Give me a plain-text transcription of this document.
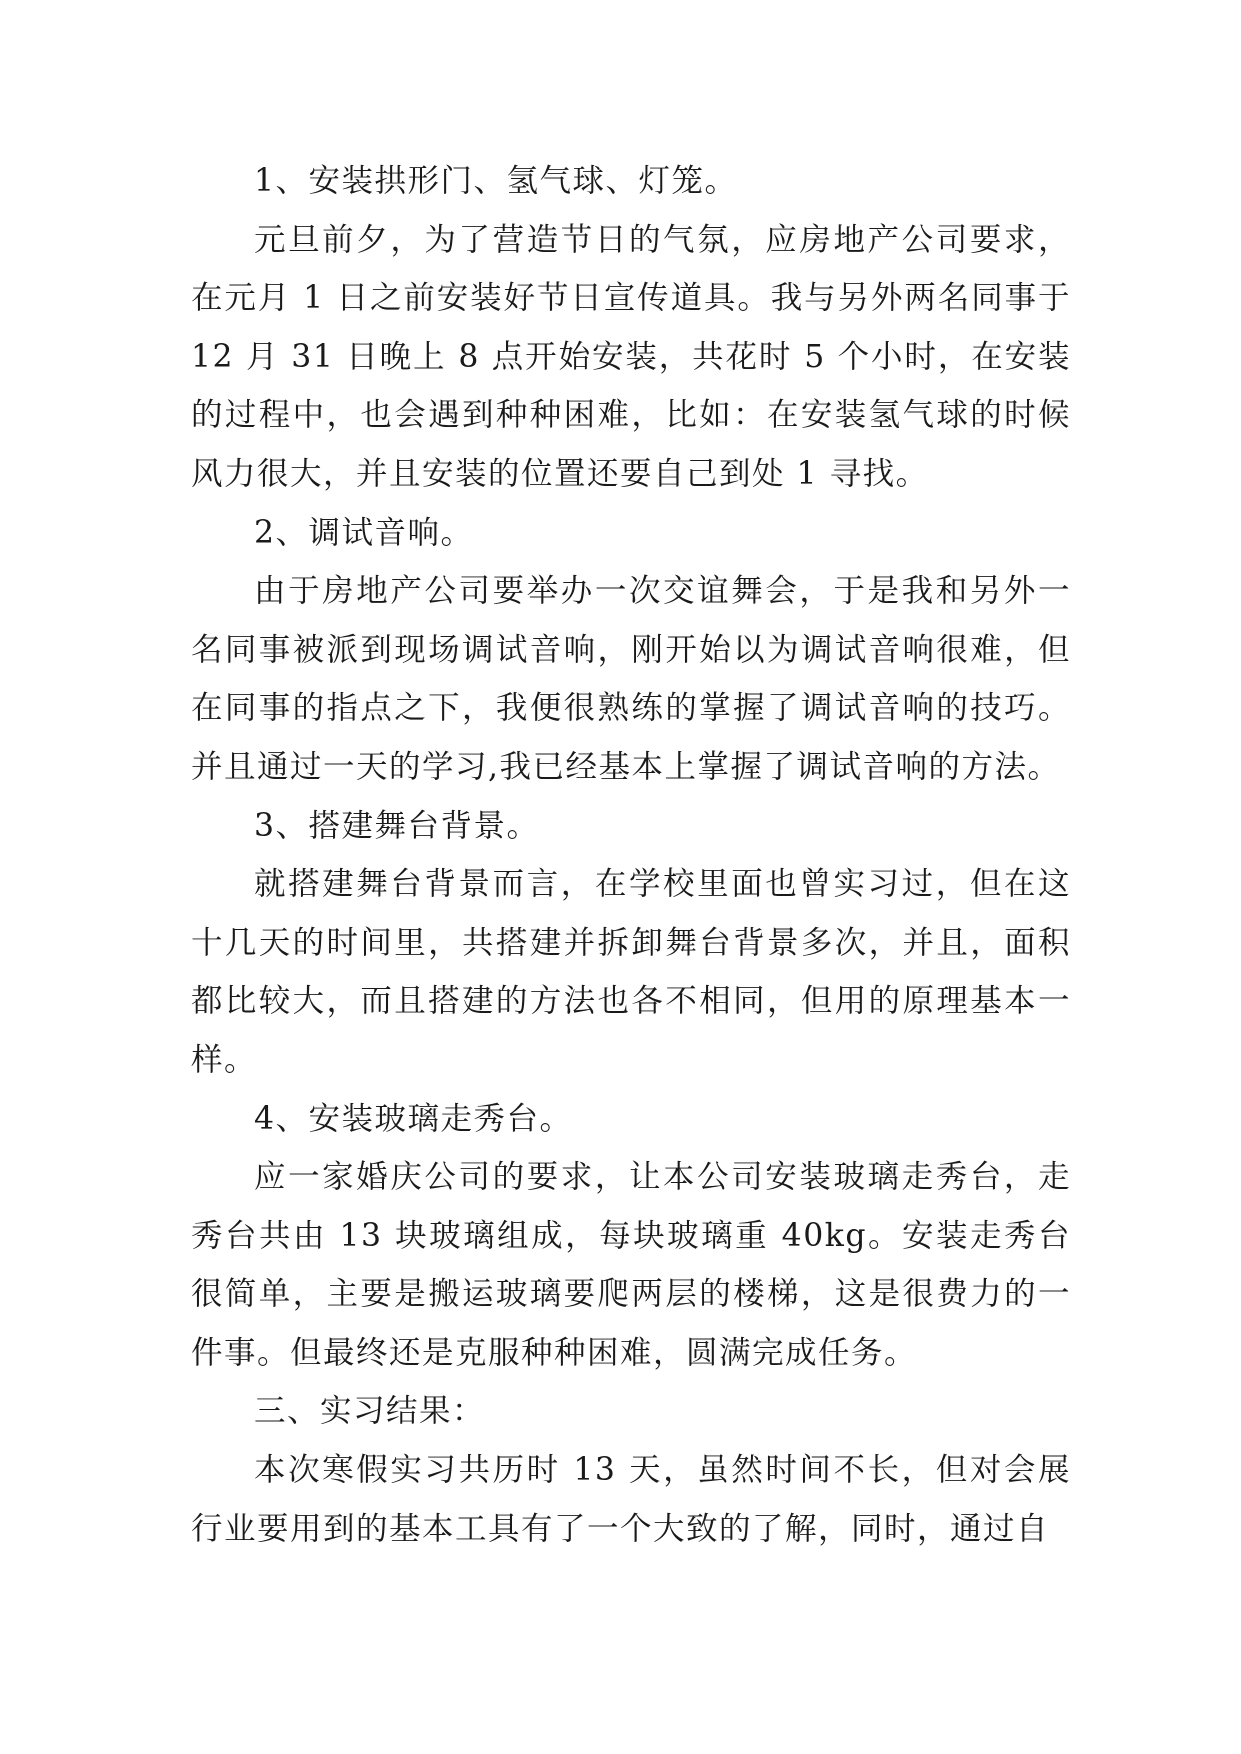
1、安装拱形门、氢气球、灯笼。

元旦前夕，为了营造节日的气氛，应房地产公司要求，在元月 1 日之前安装好节日宣传道具。我与另外两名同事于 12 月 31 日晚上 8 点开始安装，共花时 5 个小时，在安装的过程中，也会遇到种种困难，比如：在安装氢气球的时候风力很大，并且安装的位置还要自己到处 1 寻找。

2、调试音响。

由于房地产公司要举办一次交谊舞会，于是我和另外一名同事被派到现场调试音响，刚开始以为调试音响很难，但在同事的指点之下，我便很熟练的掌握了调试音响的技巧。并且通过一天的学习,我已经基本上掌握了调试音响的方法。

3、搭建舞台背景。

就搭建舞台背景而言，在学校里面也曾实习过，但在这十几天的时间里，共搭建并拆卸舞台背景多次，并且，面积都比较大，而且搭建的方法也各不相同，但用的原理基本一样。

4、安装玻璃走秀台。

应一家婚庆公司的要求，让本公司安装玻璃走秀台，走秀台共由 13 块玻璃组成，每块玻璃重 40kg。安装走秀台很简单，主要是搬运玻璃要爬两层的楼梯，这是很费力的一件事。但最终还是克服种种困难，圆满完成任务。

三、实习结果：

本次寒假实习共历时 13 天，虽然时间不长，但对会展行业要用到的基本工具有了一个大致的了解，同时，通过自
